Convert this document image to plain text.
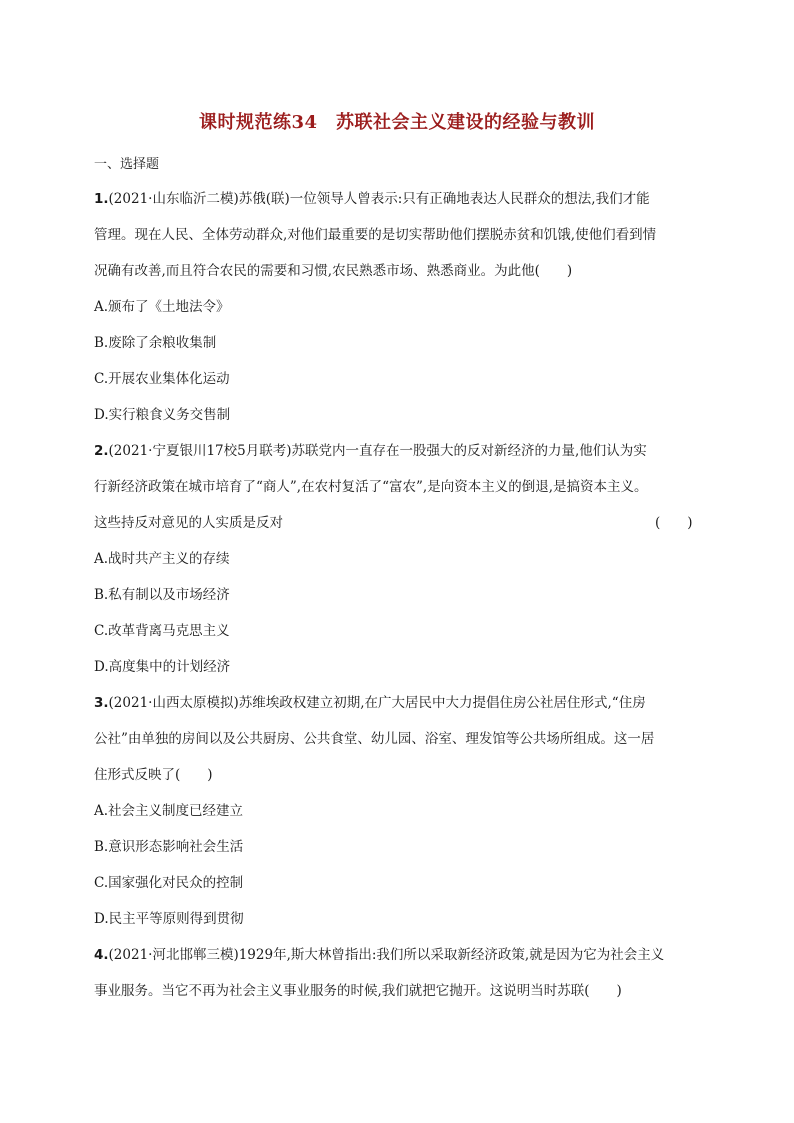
课时规范练34　苏联社会主义建设的经验与教训
一、选择题
1.(2021·山东临沂二模)苏俄(联)一位领导人曾表示:只有正确地表达人民群众的想法,我们才能
管理。现在人民、全体劳动群众,对他们最重要的是切实帮助他们摆脱赤贫和饥饿,使他们看到情
况确有改善,而且符合农民的需要和习惯,农民熟悉市场、熟悉商业。为此他(　　)
A.颁布了《土地法令》
B.废除了余粮收集制
C.开展农业集体化运动
D.实行粮食义务交售制
2.(2021·宁夏银川17校5月联考)苏联党内一直存在一股强大的反对新经济的力量,他们认为实
行新经济政策在城市培育了“商人”,在农村复活了“富农”,是向资本主义的倒退,是搞资本主义。
这些持反对意见的人实质是反对	(　　)
A.战时共产主义的存续
B.私有制以及市场经济
C.改革背离马克思主义
D.高度集中的计划经济
3.(2021·山西太原模拟)苏维埃政权建立初期,在广大居民中大力提倡住房公社居住形式,“住房
公社”由单独的房间以及公共厨房、公共食堂、幼儿园、浴室、理发馆等公共场所组成。这一居
住形式反映了(　　)
A.社会主义制度已经建立
B.意识形态影响社会生活
C.国家强化对民众的控制
D.民主平等原则得到贯彻
4.(2021·河北邯郸三模)1929年,斯大林曾指出:我们所以采取新经济政策,就是因为它为社会主义
事业服务。当它不再为社会主义事业服务的时候,我们就把它抛开。这说明当时苏联(　　)
